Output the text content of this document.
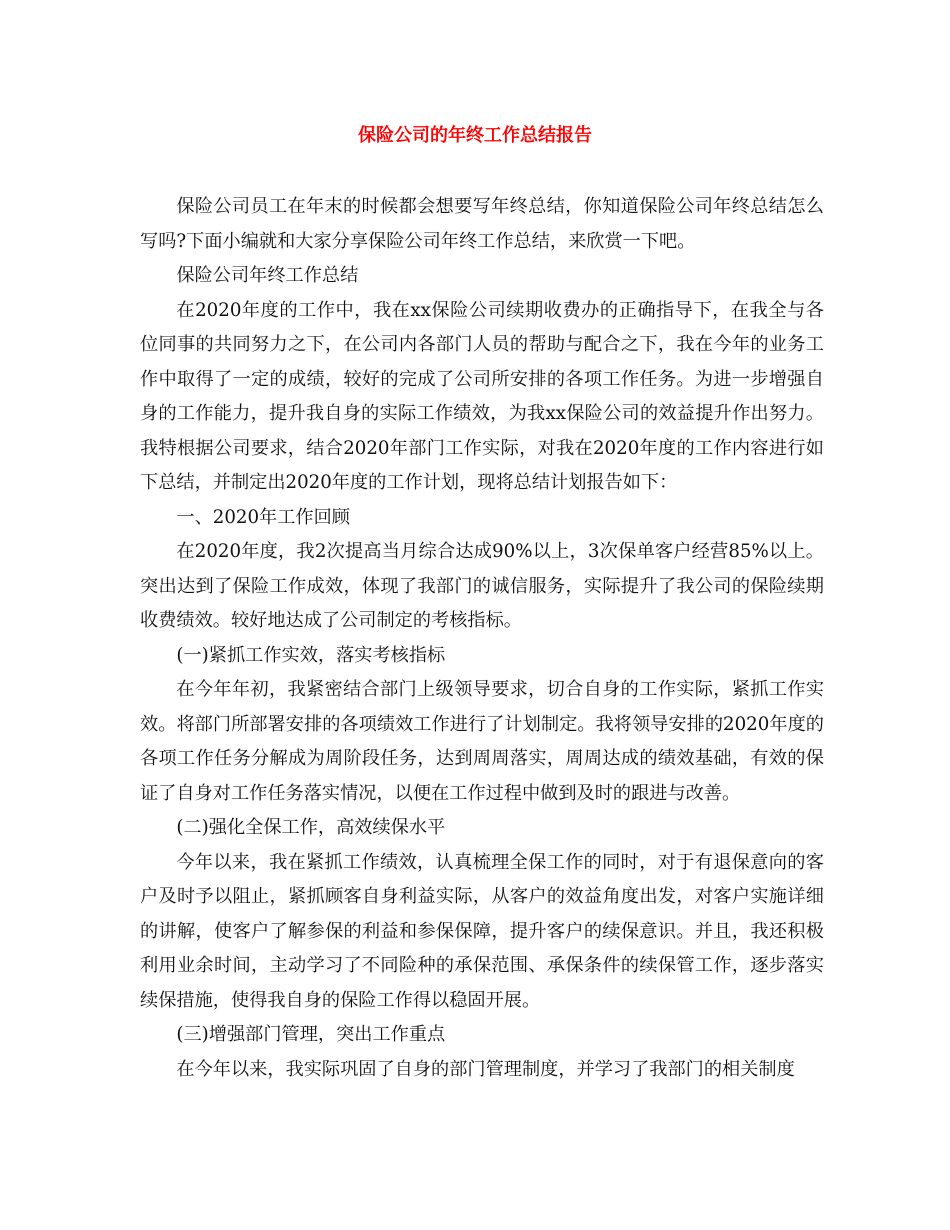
保险公司的年终工作总结报告

保险公司员工在年末的时候都会想要写年终总结，你知道保险公司年终总结怎么写吗?下面小编就和大家分享保险公司年终工作总结，来欣赏一下吧。

保险公司年终工作总结

在2020年度的工作中，我在xx保险公司续期收费办的正确指导下，在我全与各位同事的共同努力之下，在公司内各部门人员的帮助与配合之下，我在今年的业务工作中取得了一定的成绩，较好的完成了公司所安排的各项工作任务。为进一步增强自身的工作能力，提升我自身的实际工作绩效，为我xx保险公司的效益提升作出努力。我特根据公司要求，结合2020年部门工作实际，对我在2020年度的工作内容进行如下总结，并制定出2020年度的工作计划，现将总结计划报告如下：

一、2020年工作回顾

在2020年度，我2次提高当月综合达成90%以上，3次保单客户经营85%以上。突出达到了保险工作成效，体现了我部门的诚信服务，实际提升了我公司的保险续期收费绩效。较好地达成了公司制定的考核指标。

(一)紧抓工作实效，落实考核指标

在今年年初，我紧密结合部门上级领导要求，切合自身的工作实际，紧抓工作实效。将部门所部署安排的各项绩效工作进行了计划制定。我将领导安排的2020年度的各项工作任务分解成为周阶段任务，达到周周落实，周周达成的绩效基础，有效的保证了自身对工作任务落实情况，以便在工作过程中做到及时的跟进与改善。

(二)强化全保工作，高效续保水平

今年以来，我在紧抓工作绩效，认真梳理全保工作的同时，对于有退保意向的客户及时予以阻止，紧抓顾客自身利益实际，从客户的效益角度出发，对客户实施详细的讲解，使客户了解参保的利益和参保保障，提升客户的续保意识。并且，我还积极利用业余时间，主动学习了不同险种的承保范围、承保条件的续保管工作，逐步落实续保措施，使得我自身的保险工作得以稳固开展。

(三)增强部门管理，突出工作重点

在今年以来，我实际巩固了自身的部门管理制度，并学习了我部门的相关制度
